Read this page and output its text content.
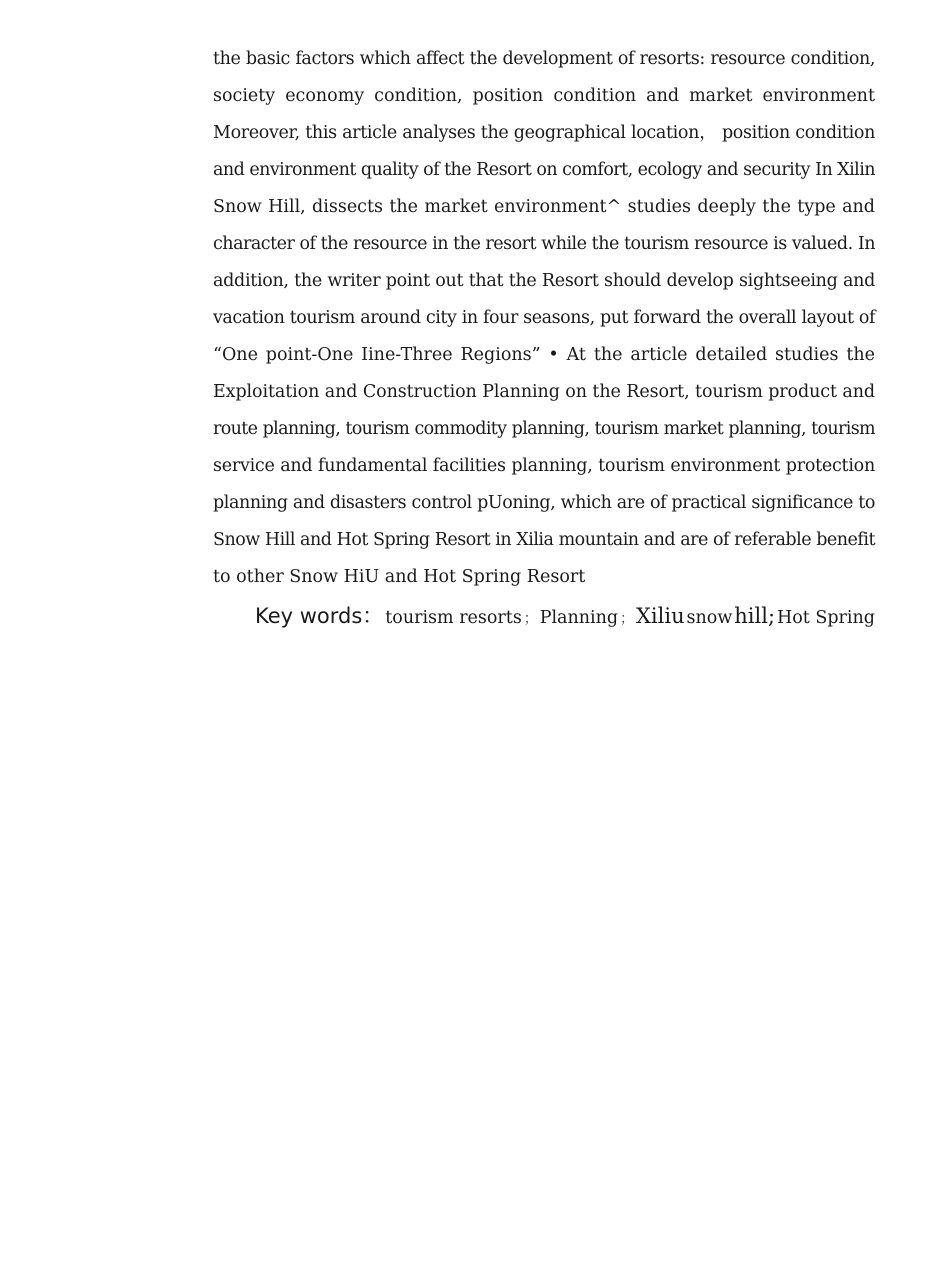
the basic factors which affect the development of resorts: resource condition,
society economy condition, position condition and market environment
Moreover, this article analyses the geographical location， position condition
and environment quality of the Resort on comfort, ecology and security In Xilin
Snow Hill, dissects the market environment^ studies deeply the type and
character of the resource in the resort while the tourism resource is valued. In
addition, the writer point out that the Resort should develop sightseeing and
vacation tourism around city in four seasons, put forward the overall layout of
“One point-One Iine-Three Regions” • At the article detailed studies the
Exploitation and Construction Planning on the Resort, tourism product and
route planning, tourism commodity planning, tourism market planning, tourism
service and fundamental facilities planning, tourism environment protection
planning and disasters control pUoning, which are of practical significance to
Snow Hill and Hot Spring Resort in Xilia mountain and are of referable benefit
to other Snow HiU and Hot Spring Resort
Key words： tourism resorts ； Planning ； Xiliu snow hill; Hot Spring
